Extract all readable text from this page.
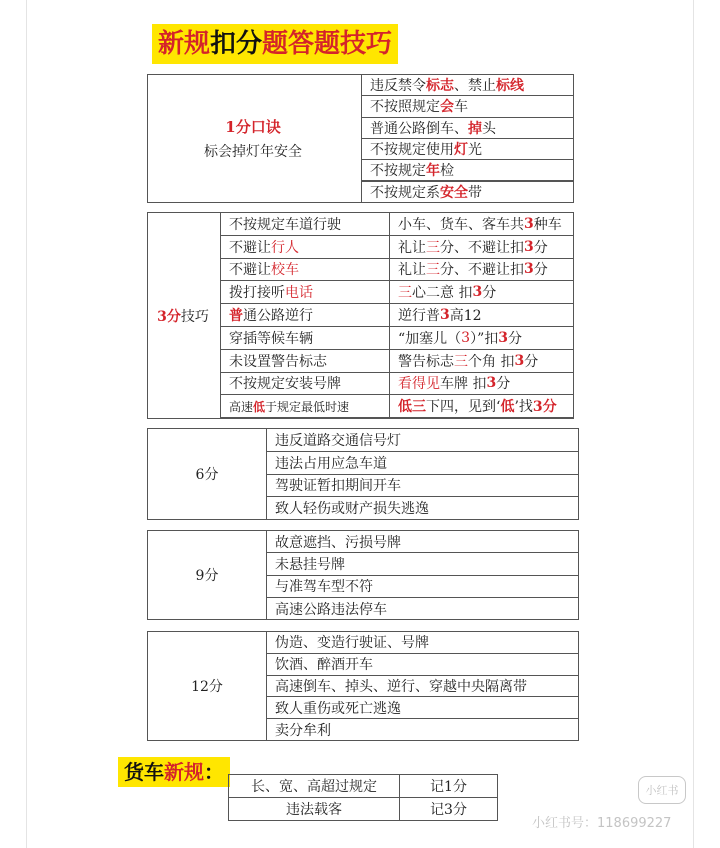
新规扣分题答题技巧
1分口诀
标会掉灯年安全
违反禁令 标志 、禁止 标线
不按照规定 会 车
普通公路倒车、 掉 头
不按规定使用 灯 光
不按规定 年 检
不按规定系 安全 带
3分 技巧
不按规定车道行驶	小车、货车、客车共 3 种车
不避让 行人	礼让 三 分、不避让扣 3 分
不避让 校车	礼让 三 分、不避让扣 3 分
拨打接听 电话	三 心二意 扣 3 分
普 通公路逆行	逆行普 3 高12
穿插等候车辆	“加塞儿（ 3 ）”扣 3 分
未设置警告标志	警告标志 三 个角 扣 3 分
不按规定安装号牌	看得见 车牌 扣 3 分
高速 低 于规定最低时速	低三 下四，见到‘ 低 ’找 3分
6分
违反道路交通信号灯
违法占用应急车道
驾驶证暂扣期间开车
致人轻伤或财产损失逃逸
9分
故意遮挡、污损号牌
未悬挂号牌
与准驾车型不符
高速公路违法停车
12分
伪造、变造行驶证、号牌
饮酒、醉酒开车
高速倒车、掉头、逆行、穿越中央隔离带
致人重伤或死亡逃逸
卖分牟利
货车新规：
长、宽、高超过规定	记1分
违法载客	记3分
小红书
小红书号：118699227
